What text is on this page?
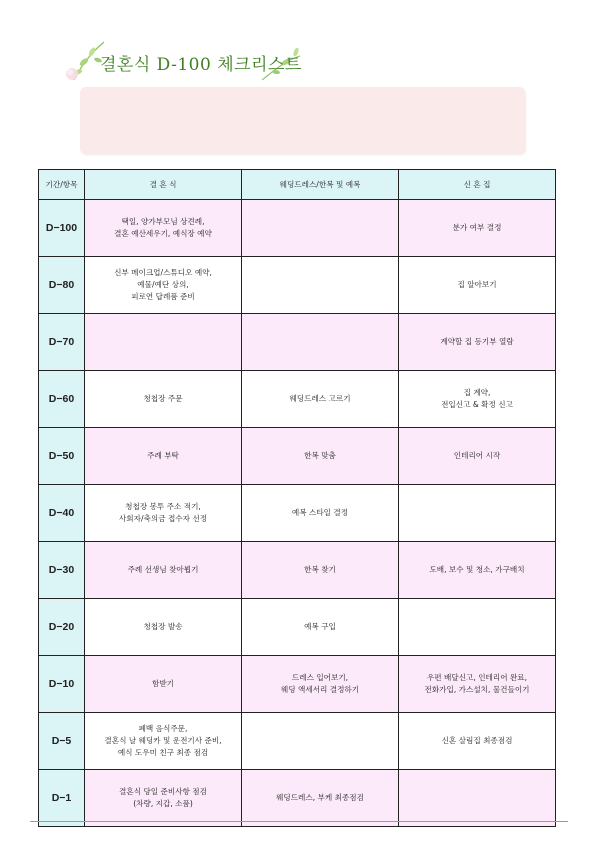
결혼식 D-100 체크리스트
기간/항목	결 혼 식	웨딩드레스/한복 및 예복	신 혼 집
D−100	택일, 양가부모님 상견례,
결혼 예산세우기, 예식장 예약		분가 여부 결정

D−80	신부 메이크업/스튜디오 예약,
예물/예단 상의,
피로연 답례품 준비		집 알아보기

D−70			계약할 집 등기부 열람

D−60	청첩장 주문	웨딩드레스 고르기	집 계약,
전입신고 & 확정 신고

D−50	주례 부탁	한복 맞춤	인테리어 시작

D−40	청첩장 봉투 주소 적기,
사회자/축의금 접수자 선정	예복 스타일 결정	

D−30	주례 선생님 찾아뵙기	한복 찾기	도배, 보수 및 청소, 가구배치

D−20	청첩장 발송	예복 구입	

D−10	함받기	드레스 입어보기,
웨딩 액세서리 결정하기	우편 배달신고, 인테리어 완료,
전화가입, 가스설치, 물건들이기

D−5	폐백 음식주문,
결혼식 날 웨딩카 및 운전기사 준비,
예식 도우미 친구 최종 점검		신혼 살림집 최종점검

D−1	결혼식 당일 준비사항 점검
(차량, 지갑, 소품)	웨딩드레스, 부케 최종점검	
